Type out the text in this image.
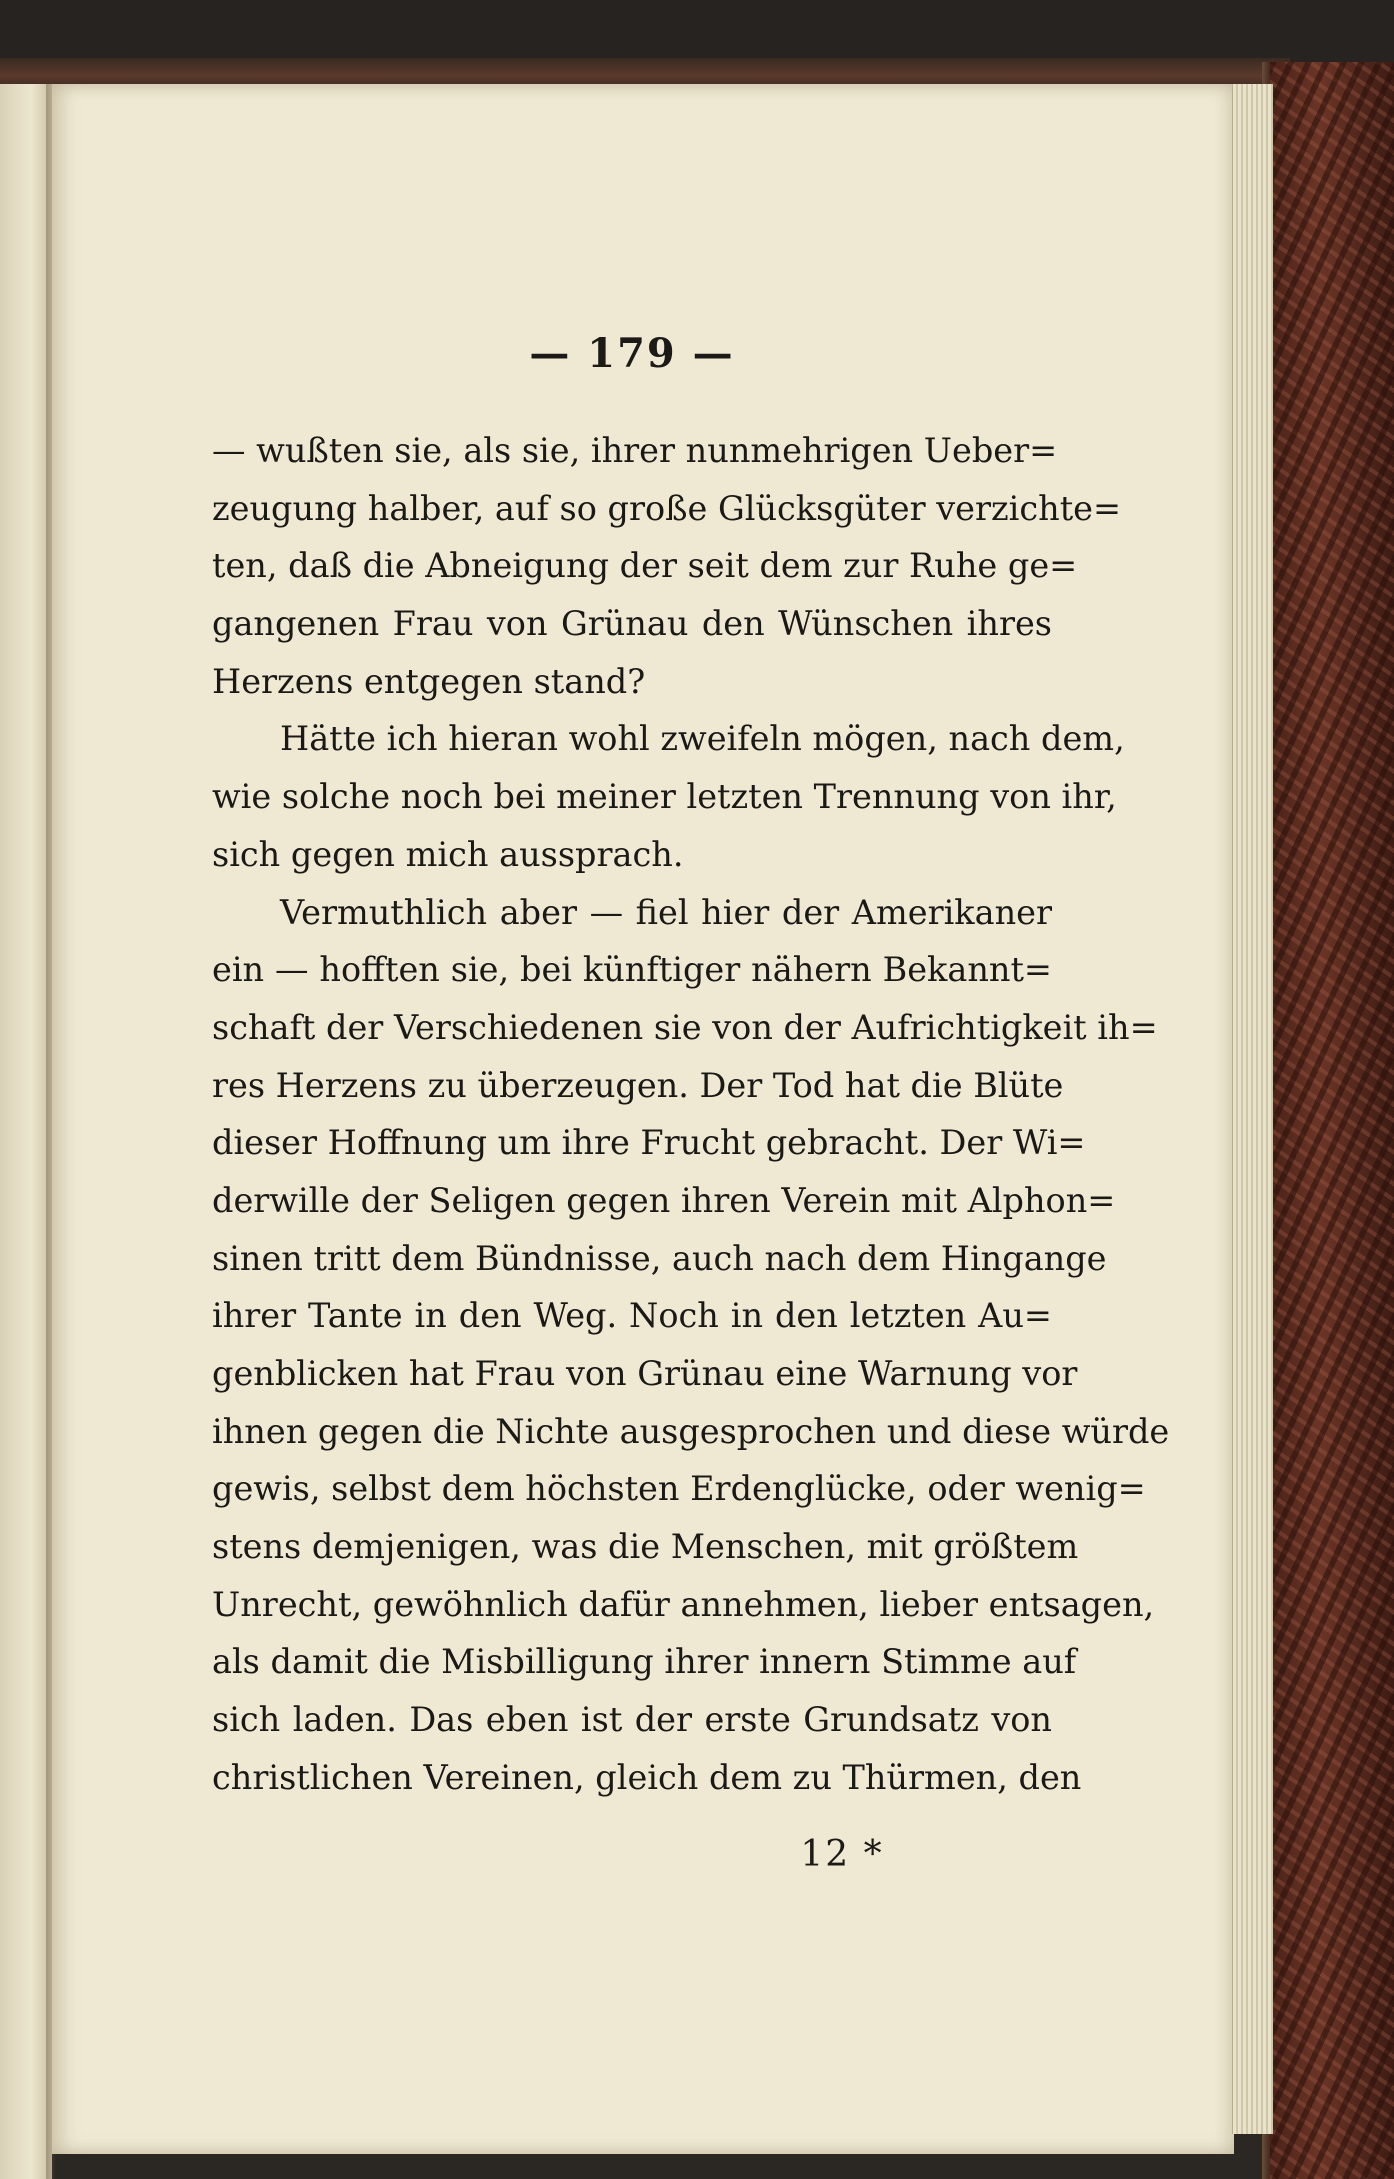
— 179 —
— wußten sie, als sie, ihrer nunmehrigen Ueber=
zeugung halber, auf so große Glücksgüter verzichte=
ten, daß die Abneigung der seit dem zur Ruhe ge=
gangenen Frau von Grünau den Wünschen ihres
Herzens entgegen stand?
Hätte ich hieran wohl zweifeln mögen, nach dem,
wie solche noch bei meiner letzten Trennung von ihr,
sich gegen mich aussprach.
Vermuthlich aber — fiel hier der Amerikaner
ein — hofften sie, bei künftiger nähern Bekannt=
schaft der Verschiedenen sie von der Aufrichtigkeit ih=
res Herzens zu überzeugen. Der Tod hat die Blüte
dieser Hoffnung um ihre Frucht gebracht. Der Wi=
derwille der Seligen gegen ihren Verein mit Alphon=
sinen tritt dem Bündnisse, auch nach dem Hingange
ihrer Tante in den Weg. Noch in den letzten Au=
genblicken hat Frau von Grünau eine Warnung vor
ihnen gegen die Nichte ausgesprochen und diese würde
gewis, selbst dem höchsten Erdenglücke, oder wenig=
stens demjenigen, was die Menschen, mit größtem
Unrecht, gewöhnlich dafür annehmen, lieber entsagen,
als damit die Misbilligung ihrer innern Stimme auf
sich laden. Das eben ist der erste Grundsatz von
christlichen Vereinen, gleich dem zu Thürmen, den
12 *
